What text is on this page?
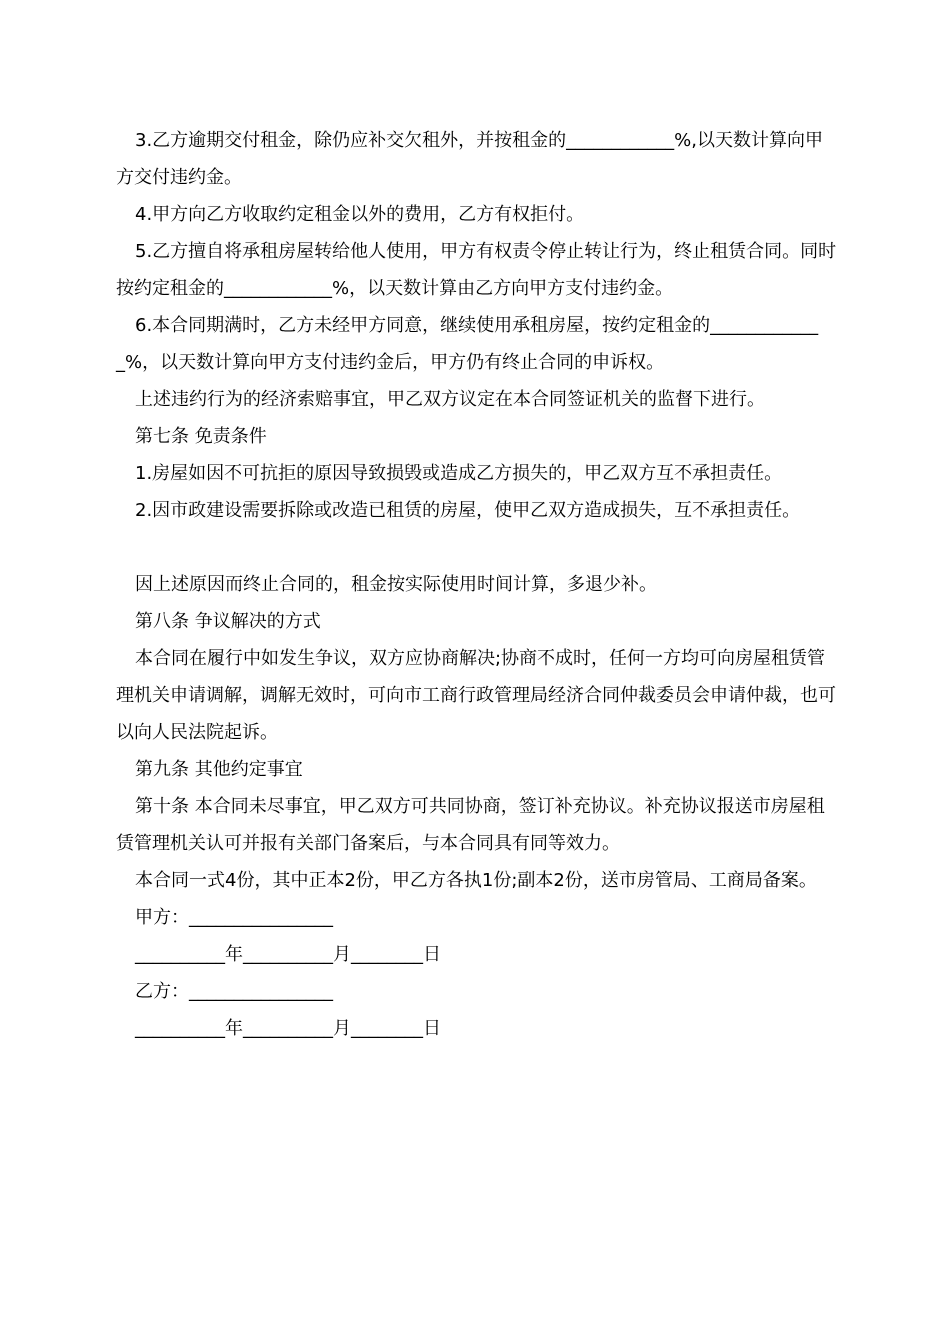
3.乙方逾期交付租金，除仍应补交欠租外，并按租金的____________%,以天数计算向甲方交付违约金。

4.甲方向乙方收取约定租金以外的费用，乙方有权拒付。

5.乙方擅自将承租房屋转给他人使用，甲方有权责令停止转让行为，终止租赁合同。同时按约定租金的____________%，以天数计算由乙方向甲方支付违约金。

6.本合同期满时，乙方未经甲方同意，继续使用承租房屋，按约定租金的_____________%，以天数计算向甲方支付违约金后，甲方仍有终止合同的申诉权。

上述违约行为的经济索赔事宜，甲乙双方议定在本合同签证机关的监督下进行。

第七条 免责条件

1.房屋如因不可抗拒的原因导致损毁或造成乙方损失的，甲乙双方互不承担责任。

2.因市政建设需要拆除或改造已租赁的房屋，使甲乙双方造成损失，互不承担责任。

因上述原因而终止合同的，租金按实际使用时间计算，多退少补。

第八条 争议解决的方式

本合同在履行中如发生争议，双方应协商解决;协商不成时，任何一方均可向房屋租赁管理机关申请调解，调解无效时，可向市工商行政管理局经济合同仲裁委员会申请仲裁，也可以向人民法院起诉。

第九条 其他约定事宜

第十条 本合同未尽事宜，甲乙双方可共同协商，签订补充协议。补充协议报送市房屋租赁管理机关认可并报有关部门备案后，与本合同具有同等效力。

本合同一式4份，其中正本2份，甲乙方各执1份;副本2份，送市房管局、工商局备案。

甲方：________________

__________年__________月________日

乙方：________________

__________年__________月________日
